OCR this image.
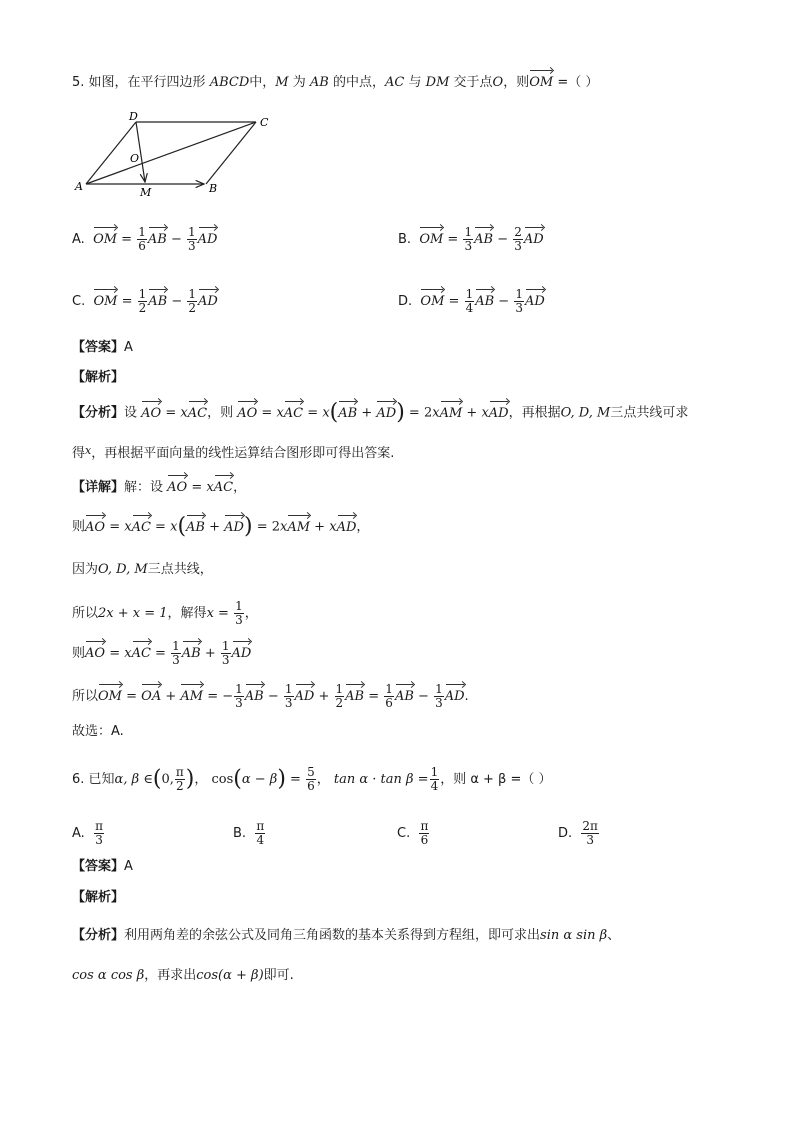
5. 如图，在平行四边形 ABCD中，M 为 AB 的中点，AC 与 DM 交于点O，则OM =（ ）
A	B
C
D
O
M
A. OM = $\frac{1}{6}$ AB − $\frac{1}{3}$ AD	B. OM = $\frac{1}{3}$ AB − $\frac{2}{3}$ AD
C. OM = $\frac{1}{2}$ AB − $\frac{1}{2}$ AD	D. OM = $\frac{1}{4}$ AB − $\frac{1}{3}$ AD
【答案】A
【解析】
【分析】设 AO = xAC，则 AO = xAC = x(AB + AD) = 2xAM + xAD，再根据O, D, M三点共线可求
得$^x$，再根据平面向量的线性运算结合图形即可得出答案.
【详解】解：设 AO = xAC，
则AO = xAC = x(AB + AD) = 2xAM + xAD，
因为O, D, M三点共线，
所以2x + x = 1，解得$x = \frac{1}{3}$ ，
则AO = xAC = $\frac{1}{3}$ AB + $\frac{1}{3}$ AD
所以OM = OA + AM = − $\frac{1}{3}$ AB − $\frac{1}{3}$ AD + $\frac{1}{2}$ AB = $\frac{1}{6}$ AB − $\frac{1}{3}$ AD.
故选：A.
6. 已知α, β ∈(0, $\frac{\pi}{2}$ )， $\cos(\alpha - \beta) = \frac{5}{6}$ ， $\tan \alpha \cdot \tan \beta = \frac{1}{4}$ ，则 α + β =（ ）
A. $\frac{\pi}{3}$	B. $\frac{\pi}{4}$	C. $\frac{\pi}{6}$	D. $\frac{2\pi}{3}$
【答案】A
【解析】
【分析】利用两角差的余弦公式及同角三角函数的基本关系得到方程组，即可求出sin α sin β、
cos α cos β，再求出cos(α + β)即可.
